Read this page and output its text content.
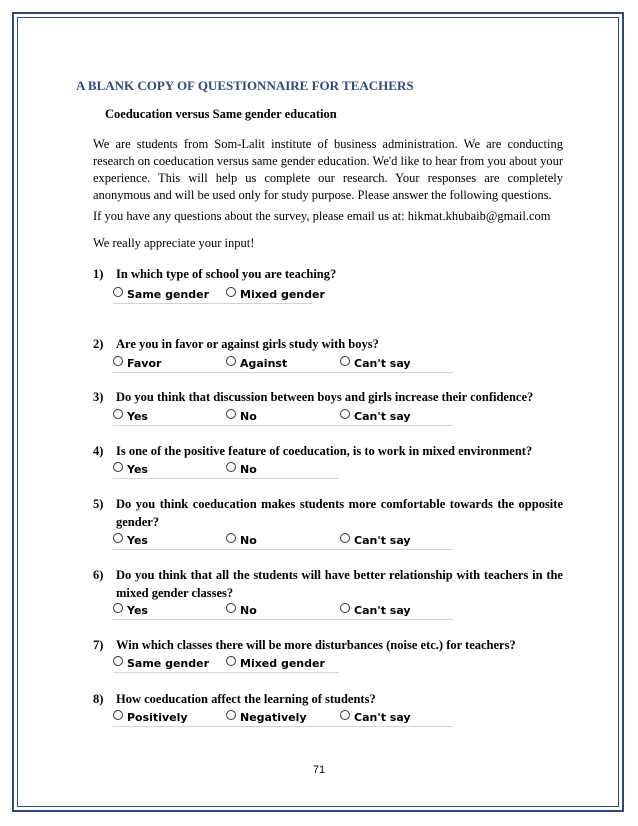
A BLANK COPY OF QUESTIONNAIRE FOR TEACHERS
Coeducation versus Same gender education
We are students from Som-Lalit institute of business administration. We are conducting research on coeducation versus same gender education. We'd like to hear from you about your experience. This will help us complete our research. Your responses are completely anonymous and will be used only for study purpose. Please answer the following questions.
If you have any questions about the survey, please email us at: hikmat.khubaib@gmail.com
We really appreciate your input!
1)	In which type of school you are teaching?
Same gender	Mixed gender
2)	Are you in favor or against girls study with boys?
Favor	Against	Can't say
3)	Do you think that discussion between boys and girls increase their confidence?
Yes	No	Can't say
4)	Is one of the positive feature of coeducation, is to work in mixed environment?
Yes	No
5)	Do you think coeducation makes students more comfortable towards the opposite gender?
Yes	No	Can't say
6)	Do you think that all the students will have better relationship with teachers in the mixed gender classes?
Yes	No	Can't say
7)	Win which classes there will be more disturbances (noise etc.) for teachers?
Same gender	Mixed gender
8)	How coeducation affect the learning of students?
Positively	Negatively	Can't say
71
